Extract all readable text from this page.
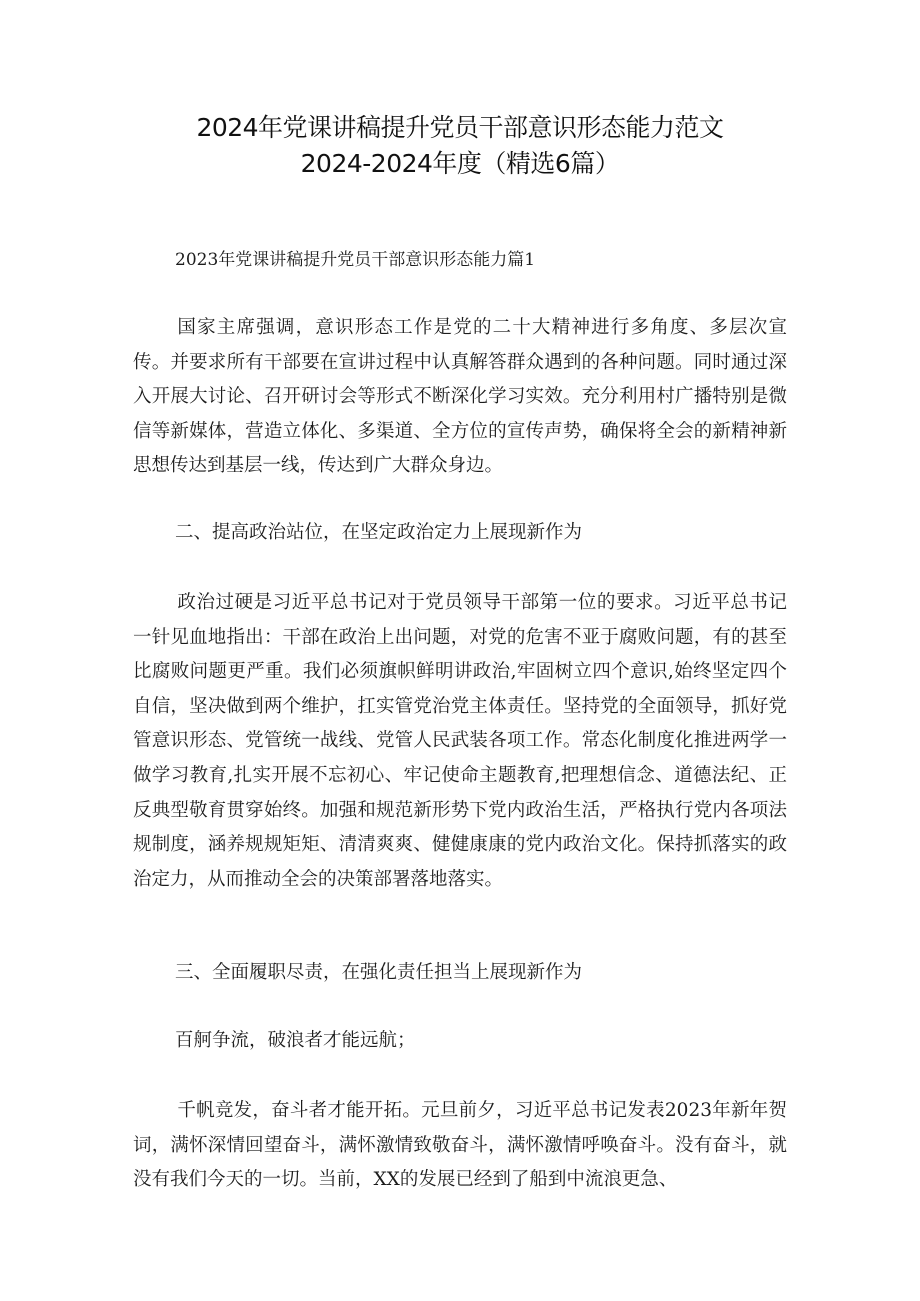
2024年党课讲稿提升党员干部意识形态能力范文
2024-2024年度（精选6篇）
2023年党课讲稿提升党员干部意识形态能力篇1

国家主席强调，意识形态工作是党的二十大精神进行多角度、多层次宣传。并要求所有干部要在宣讲过程中认真解答群众遇到的各种问题。同时通过深入开展大讨论、召开研讨会等形式不断深化学习实效。充分利用村广播特别是微信等新媒体，营造立体化、多渠道、全方位的宣传声势，确保将全会的新精神新思想传达到基层一线，传达到广大群众身边。

二、提高政治站位，在坚定政治定力上展现新作为

政治过硬是习近平总书记对于党员领导干部第一位的要求。习近平总书记一针见血地指出：干部在政治上出问题，对党的危害不亚于腐败问题，有的甚至比腐败问题更严重。我们必须旗帜鲜明讲政治,牢固树立四个意识,始终坚定四个自信，坚决做到两个维护，扛实管党治党主体责任。坚持党的全面领导，抓好党管意识形态、党管统一战线、党管人民武装各项工作。常态化制度化推进两学一做学习教育,扎实开展不忘初心、牢记使命主题教育,把理想信念、道德法纪、正反典型敬育贯穿始终。加强和规范新形势下党内政治生活，严格执行党内各项法规制度，涵养规规矩矩、清清爽爽、健健康康的党内政治文化。保持抓落实的政治定力，从而推动全会的决策部署落地落实。

三、全面履职尽责，在强化责任担当上展现新作为
百舸争流，破浪者才能远航；

千帆竞发，奋斗者才能开拓。元旦前夕，习近平总书记发表2023年新年贺词，满怀深情回望奋斗，满怀激情致敬奋斗，满怀激情呼唤奋斗。没有奋斗，就没有我们今天的一切。当前，XX的发展已经到了船到中流浪更急、
